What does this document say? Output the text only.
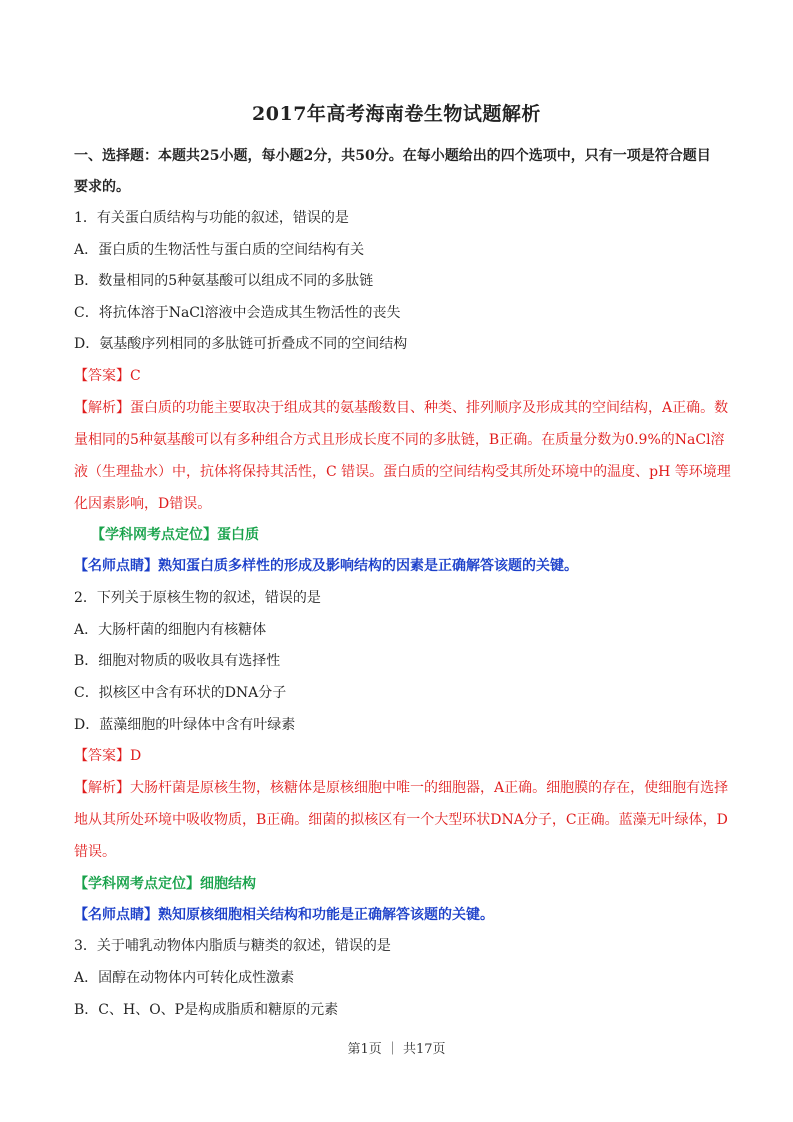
2017年高考海南卷生物试题解析
一、选择题：本题共25小题，每小题2分，共50分。在每小题给出的四个选项中，只有一项是符合题目
要求的。
1．有关蛋白质结构与功能的叙述，错误的是
A．蛋白质的生物活性与蛋白质的空间结构有关
B．数量相同的5种氨基酸可以组成不同的多肽链
C．将抗体溶于NaCl溶液中会造成其生物活性的丧失
D．氨基酸序列相同的多肽链可折叠成不同的空间结构
【答案】C
【解析】蛋白质的功能主要取决于组成其的氨基酸数目、种类、排列顺序及形成其的空间结构，A正确。数
量相同的5种氨基酸可以有多种组合方式且形成长度不同的多肽链，B正确。在质量分数为0.9%的NaCl溶
液（生理盐水）中，抗体将保持其活性，C 错误。蛋白质的空间结构受其所处环境中的温度、pH 等环境理
化因素影响，D错误。
【学科网考点定位】蛋白质
【名师点睛】熟知蛋白质多样性的形成及影响结构的因素是正确解答该题的关键。
2．下列关于原核生物的叙述，错误的是
A．大肠杆菌的细胞内有核糖体
B．细胞对物质的吸收具有选择性
C．拟核区中含有环状的DNA分子
D．蓝藻细胞的叶绿体中含有叶绿素
【答案】D
【解析】大肠杆菌是原核生物，核糖体是原核细胞中唯一的细胞器，A正确。细胞膜的存在，使细胞有选择
地从其所处环境中吸收物质，B正确。细菌的拟核区有一个大型环状DNA分子，C正确。蓝藻无叶绿体，D
错误。
【学科网考点定位】细胞结构
【名师点睛】熟知原核细胞相关结构和功能是正确解答该题的关键。
3．关于哺乳动物体内脂质与糖类的叙述，错误的是
A．固醇在动物体内可转化成性激素
B．C、H、O、P是构成脂质和糖原的元素
第1页 ｜ 共17页
